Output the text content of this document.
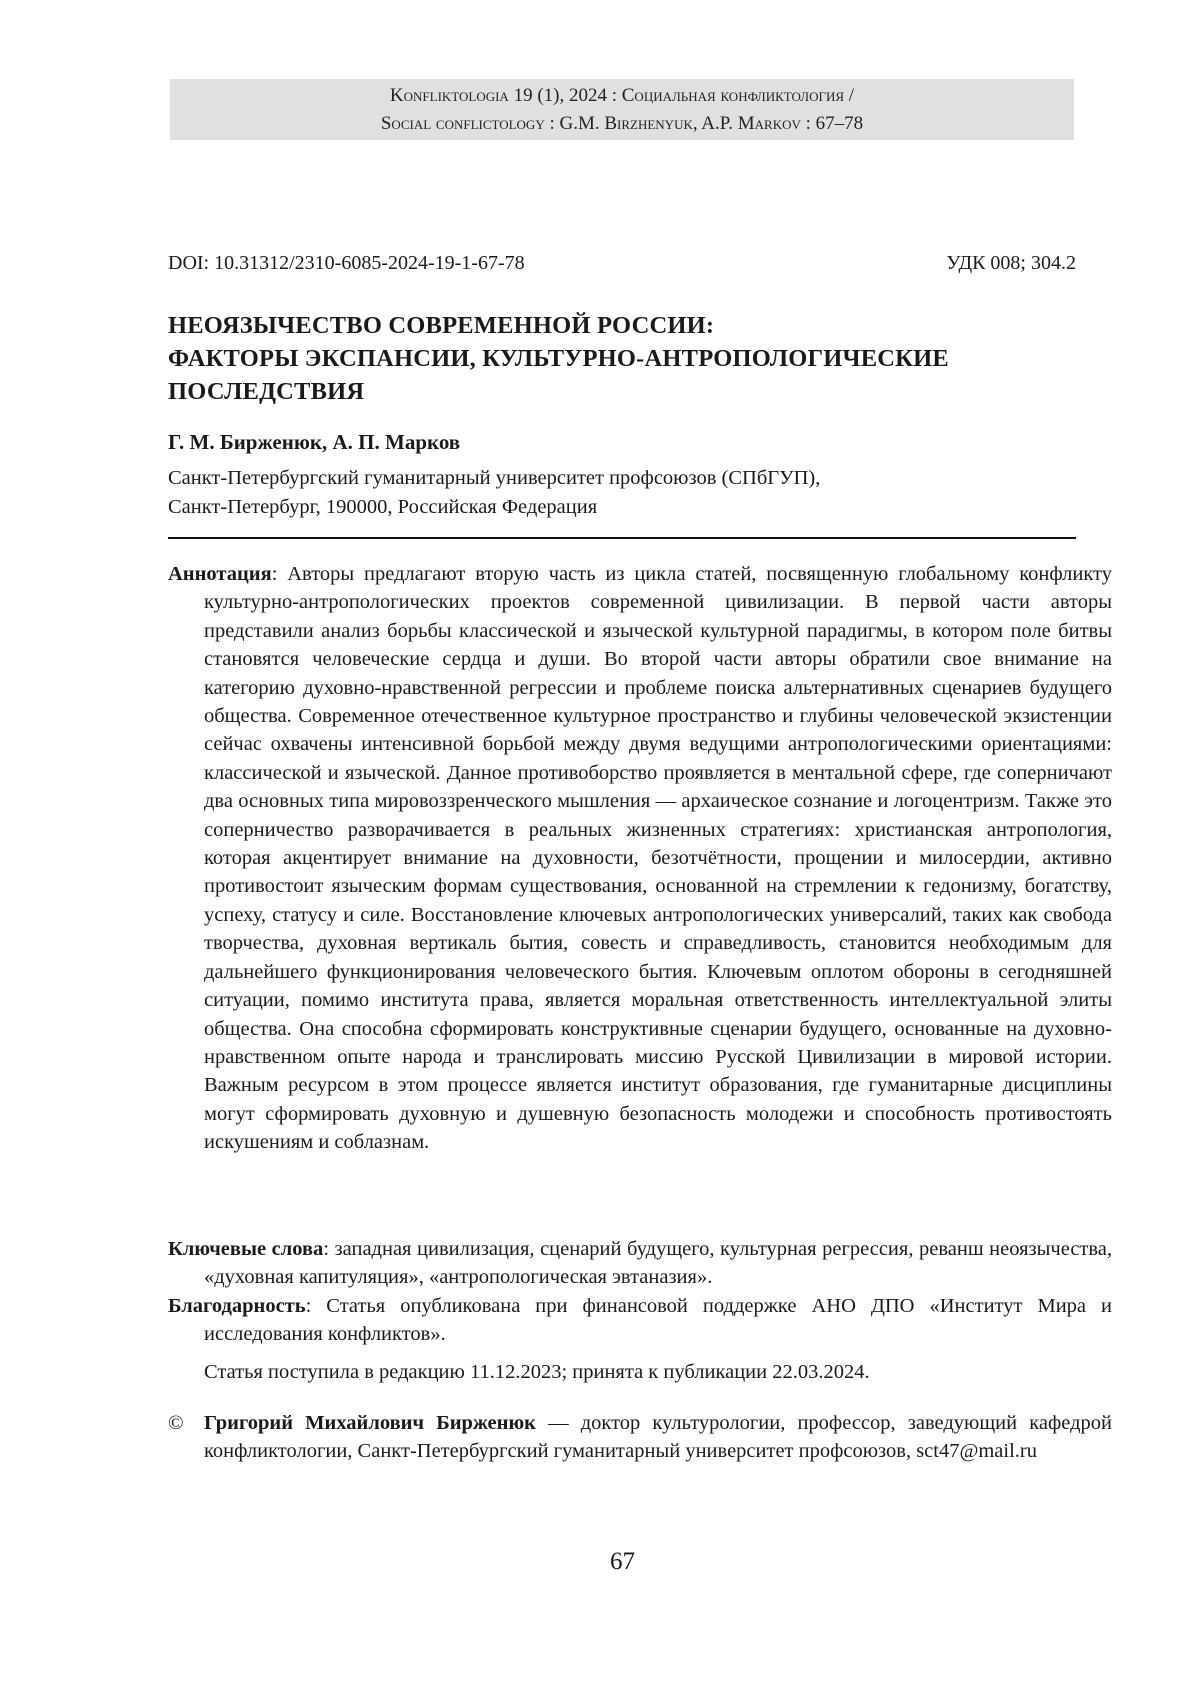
Konfliktologia 19 (1), 2024 : Социальная конфликтология /
Social conflictology : G.M. Birzhenyuk, A.P. Markov : 67–78
DOI: 10.31312/2310-6085-2024-19-1-67-78	УДК 008; 304.2
НЕОЯЗЫЧЕСТВО СОВРЕМЕННОЙ РОССИИ:
ФАКТОРЫ ЭКСПАНСИИ, КУЛЬТУРНО-АНТРОПОЛОГИЧЕСКИЕ
ПОСЛЕДСТВИЯ
Г. М. Бирженюк, А. П. Марков
Санкт-Петербургский гуманитарный университет профсоюзов (СПбГУП),
Санкт-Петербург, 190000, Российская Федерация
Аннотация: Авторы предлагают вторую часть из цикла статей, посвященную глобальному конфликту культурно-антропологических проектов современной цивилизации. В первой части авторы представили анализ борьбы классической и языческой культурной парадигмы, в котором поле битвы становятся человеческие сердца и души. Во второй части авторы обратили свое внимание на категорию духовно-нравственной регрессии и проблеме поиска альтернативных сценариев будущего общества. Современное отечественное культурное пространство и глубины человеческой экзистенции сейчас охвачены интенсивной борьбой между двумя ведущими антропологическими ориентациями: классической и языческой. Данное противоборство проявляется в ментальной сфере, где соперничают два основных типа мировоззренческого мышления — архаическое сознание и логоцентризм. Также это соперничество разворачивается в реальных жизненных стратегиях: христианская антропология, которая акцентирует внимание на духовности, безотчётности, прощении и милосердии, активно противостоит языческим формам существования, основанной на стремлении к гедонизму, богатству, успеху, статусу и силе. Восстановление ключевых антропологических универсалий, таких как свобода творчества, духовная вертикаль бытия, совесть и справедливость, становится необходимым для дальнейшего функционирования человеческого бытия. Ключевым оплотом обороны в сегодняшней ситуации, помимо института права, является моральная ответственность интеллектуальной элиты общества. Она способна сформировать конструктивные сценарии будущего, основанные на духовно-нравственном опыте народа и транслировать миссию Русской Цивилизации в мировой истории. Важным ресурсом в этом процессе является институт образования, где гуманитарные дисциплины могут сформировать духовную и душевную безопасность молодежи и способность противостоять искушениям и соблазнам.
Ключевые слова: западная цивилизация, сценарий будущего, культурная регрессия, реванш неоязычества, «духовная капитуляция», «антропологическая эвтаназия».
Благодарность: Статья опубликована при финансовой поддержке АНО ДПО «Институт Мира и исследования конфликтов».
Статья поступила в редакцию 11.12.2023; принята к публикации 22.03.2024.
© Григорий Михайлович Бирженюк — доктор культурологии, профессор, заведующий кафедрой конфликтологии, Санкт-Петербургский гуманитарный университет профсоюзов, sct47@mail.ru
67
